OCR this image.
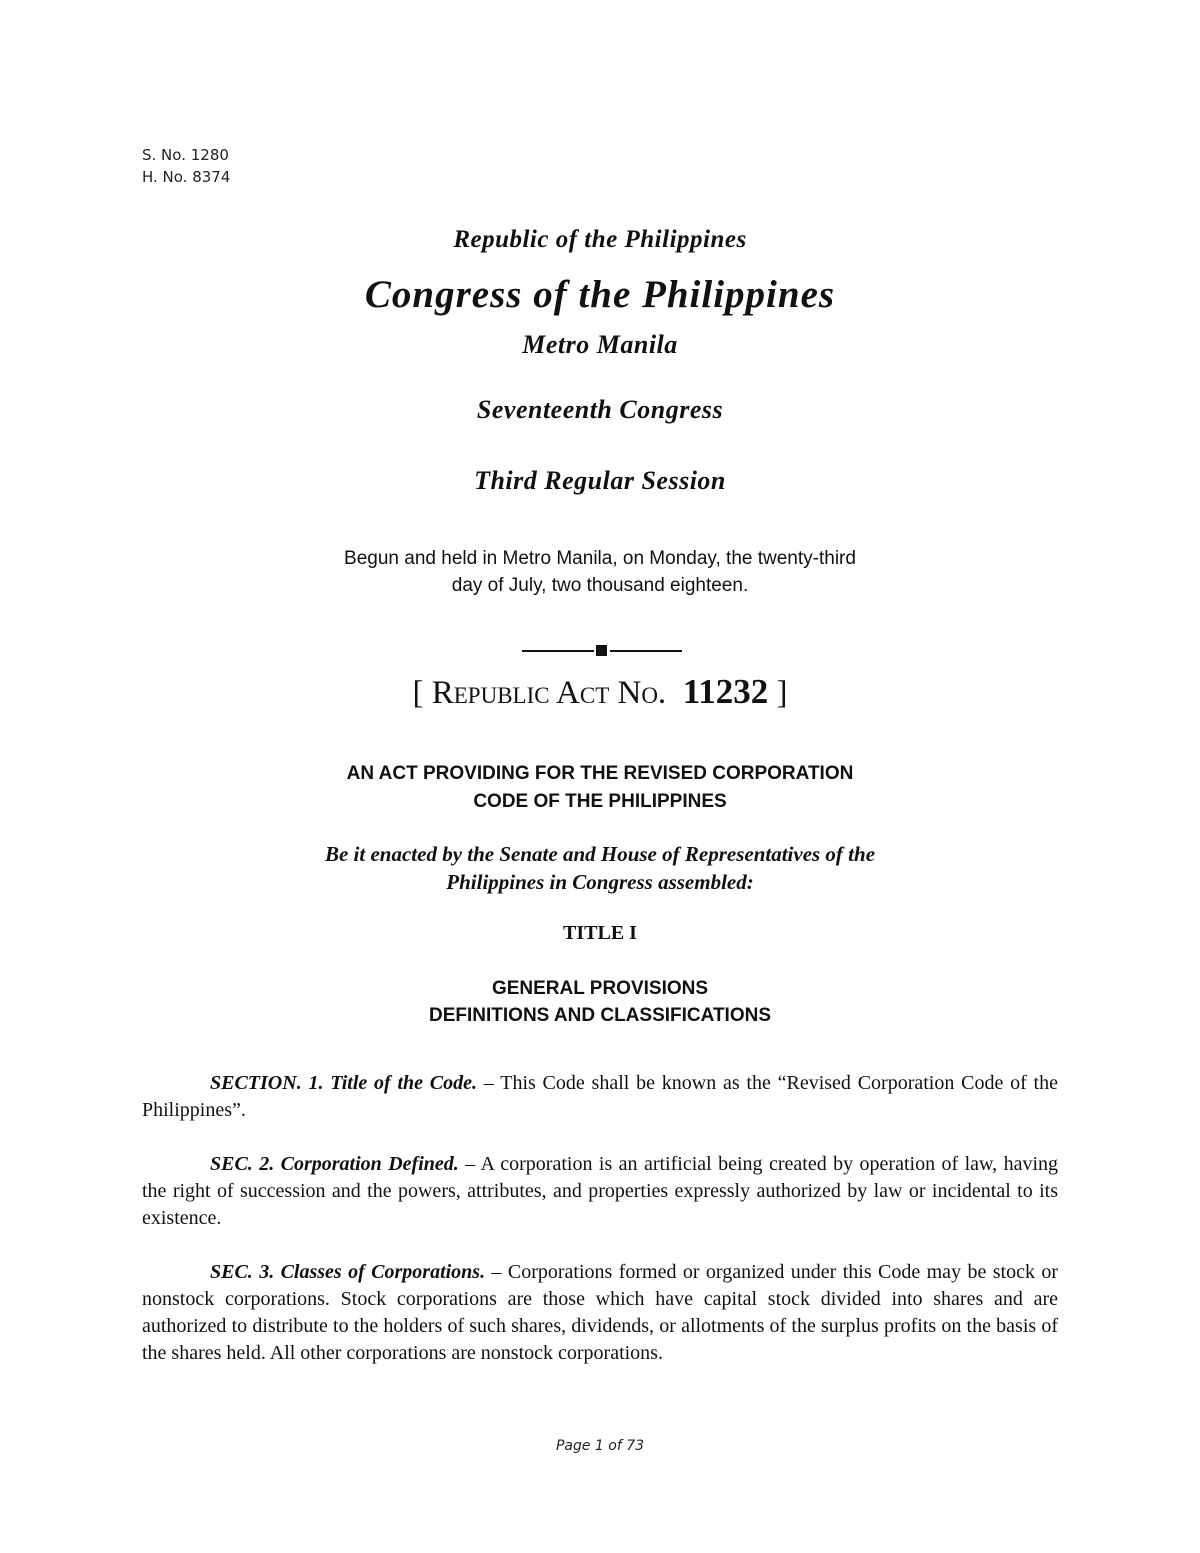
S. No. 1280
H. No. 8374
Republic of the Philippines
Congress of the Philippines
Metro Manila
Seventeenth Congress
Third Regular Session
Begun and held in Metro Manila, on Monday, the twenty-third
day of July, two thousand eighteen.
[ Republic Act No. 11232 ]
AN ACT PROVIDING FOR THE REVISED CORPORATION
CODE OF THE PHILIPPINES
Be it enacted by the Senate and House of Representatives of the
Philippines in Congress assembled:
TITLE I
GENERAL PROVISIONS
DEFINITIONS AND CLASSIFICATIONS

SECTION. 1. Title of the Code. – This Code shall be known as the “Revised Corporation Code of the Philippines”.

SEC. 2. Corporation Defined. – A corporation is an artificial being created by operation of law, having the right of succession and the powers, attributes, and properties expressly authorized by law or incidental to its existence.

SEC. 3. Classes of Corporations. – Corporations formed or organized under this Code may be stock or nonstock corporations. Stock corporations are those which have capital stock divided into shares and are authorized to distribute to the holders of such shares, dividends, or allotments of the surplus profits on the basis of the shares held. All other corporations are nonstock corporations.

Page 1 of 73
